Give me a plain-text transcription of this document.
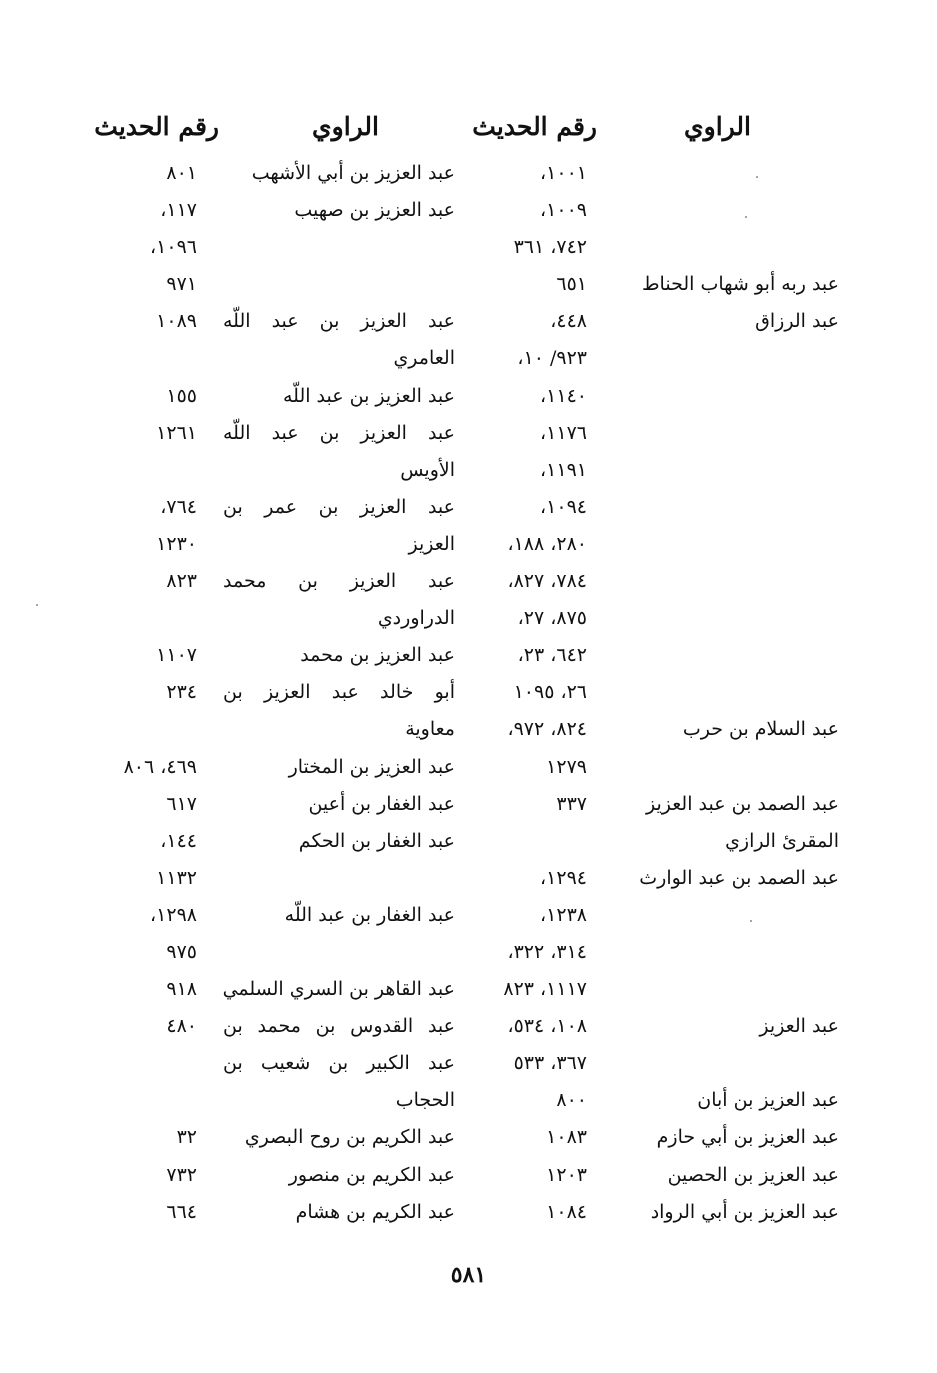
الراوي
رقم الحديث
الراوي
رقم الحديث
١٠٠١،
عبد العزيز بن أبي الأشهب
٨٠١
١٠٠٩،
عبد العزيز بن صهيب
١١٧،
٧٤٢، ٣٦١
١٠٩٦،
عبد ربه أبو شهاب الحناط
٦٥١
٩٧١
عبد الرزاق
٤٤٨،
عبد العزيز بن عبد اللّه
١٠٨٩
٩٢٣/ ١٠،
العامري
١١٤٠،
عبد العزيز بن عبد اللّه
١٥٥
١١٧٦،
عبد العزيز بن عبد اللّه
١٢٦١
١١٩١،
الأويس
١٠٩٤،
عبد العزيز بن عمر بن
٧٦٤،
٢٨٠، ١٨٨،
العزيز
١٢٣٠
٧٨٤، ٨٢٧،
عبد العزيز بن محمد
٨٢٣
٨٧٥، ٢٧،
الدراوردي
٦٤٢، ٢٣،
عبد العزيز بن محمد
١١٠٧
٢٦، ١٠٩٥
أبو خالد عبد العزيز بن
٢٣٤
عبد السلام بن حرب
٨٢٤، ٩٧٢،
معاوية
١٢٧٩
عبد العزيز بن المختار
٤٦٩، ٨٠٦
عبد الصمد بن عبد العزيز
٣٣٧
عبد الغفار بن أعين
٦١٧
المقرئ الرازي
عبد الغفار بن الحكم
١٤٤،
عبد الصمد بن عبد الوارث
١٢٩٤،
١١٣٢
١٢٣٨،
عبد الغفار بن عبد اللّه
١٢٩٨،
٣١٤، ٣٢٢،
٩٧٥
١١١٧، ٨٢٣
عبد القاهر بن السري السلمي
٩١٨
عبد العزيز
١٠٨، ٥٣٤،
عبد القدوس بن محمد بن
٤٨٠
٣٦٧، ٥٣٣
عبد الكبير بن شعيب بن
عبد العزيز بن أبان
٨٠٠
الحجاب
عبد العزيز بن أبي حازم
١٠٨٣
عبد الكريم بن روح البصري
٣٢
عبد العزيز بن الحصين
١٢٠٣
عبد الكريم بن منصور
٧٣٢
عبد العزيز بن أبي الرواد
١٠٨٤
عبد الكريم بن هشام
٦٦٤
٥٨١
